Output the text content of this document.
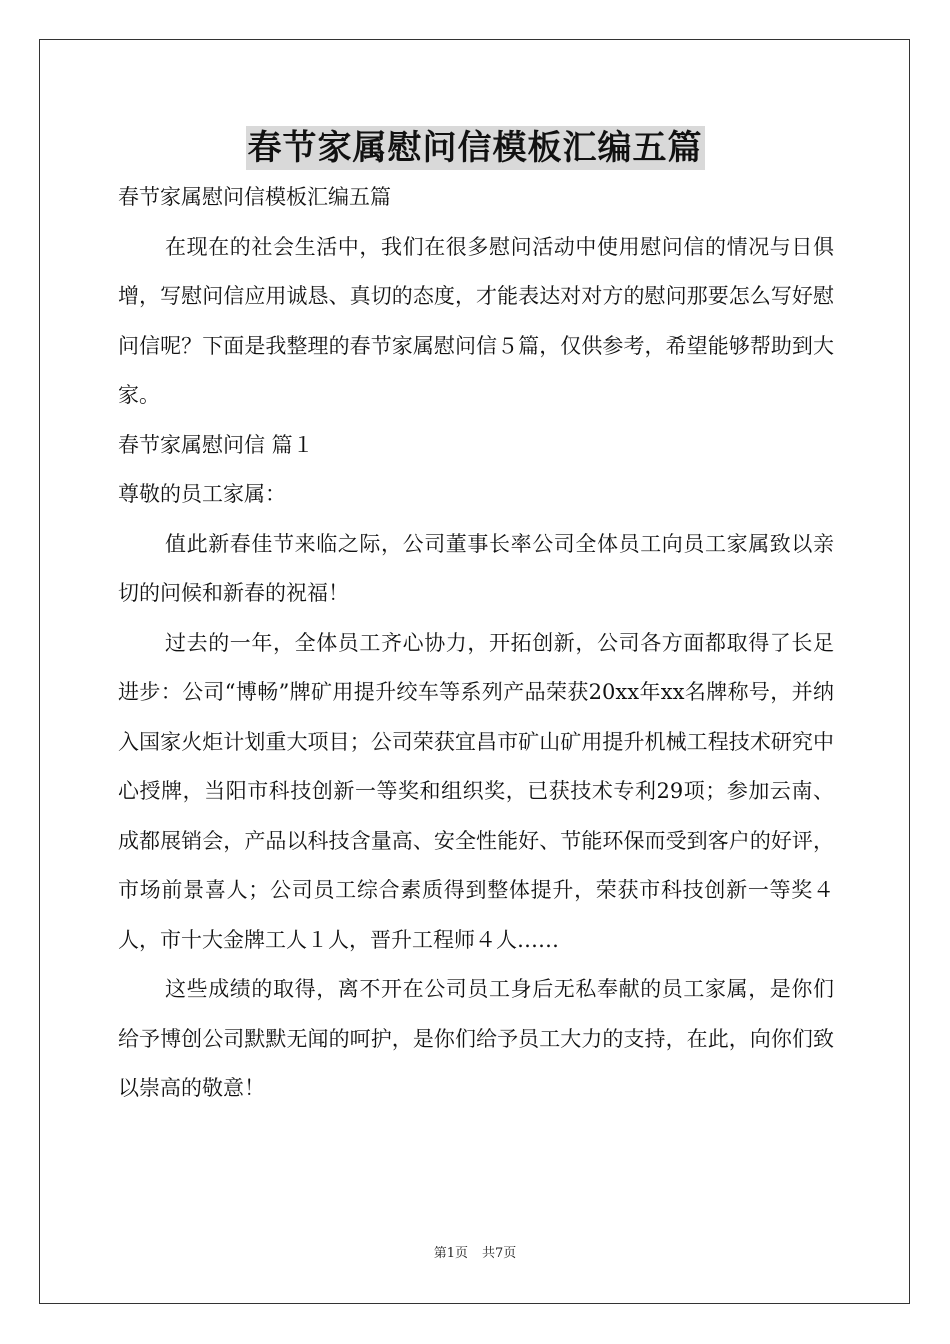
春节家属慰问信模板汇编五篇

春节家属慰问信模板汇编五篇

在现在的社会生活中，我们在很多慰问活动中使用慰问信的情况与日俱增，写慰问信应用诚恳、真切的态度，才能表达对对方的慰问那要怎么写好慰问信呢？下面是我整理的春节家属慰问信５篇，仅供参考，希望能够帮助到大家。

春节家属慰问信 篇１

尊敬的员工家属：

值此新春佳节来临之际，公司董事长率公司全体员工向员工家属致以亲切的问候和新春的祝福！

过去的一年，全体员工齐心协力，开拓创新，公司各方面都取得了长足进步：公司“博畅”牌矿用提升绞车等系列产品荣获20xx年xx名牌称号，并纳入国家火炬计划重大项目；公司荣获宜昌市矿山矿用提升机械工程技术研究中心授牌，当阳市科技创新一等奖和组织奖，已获技术专利29项；参加云南、成都展销会，产品以科技含量高、安全性能好、节能环保而受到客户的好评，市场前景喜人；公司员工综合素质得到整体提升，荣获市科技创新一等奖４人，市十大金牌工人１人，晋升工程师４人……

这些成绩的取得，离不开在公司员工身后无私奉献的员工家属，是你们给予博创公司默默无闻的呵护，是你们给予员工大力的支持，在此，向你们致以崇高的敬意！

第1页 共7页
